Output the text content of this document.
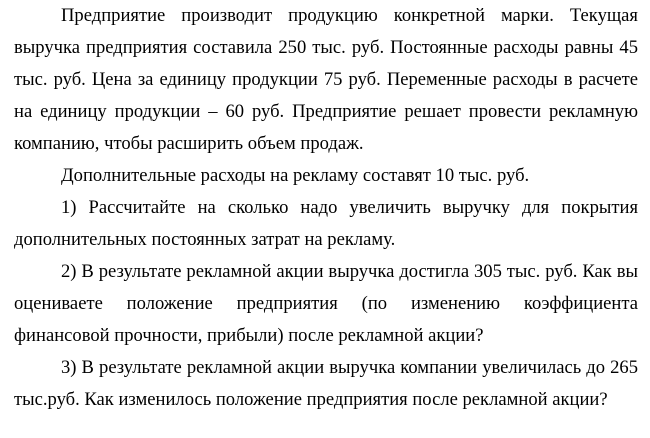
Предприятие производит продукцию конкретной марки. Текущая выручка предприятия составила 250 тыс. руб. Постоянные расходы равны 45 тыс. руб. Цена за единицу продукции 75 руб. Переменные расходы в расчете на единицу продукции – 60 руб. Предприятие решает провести рекламную компанию, чтобы расширить объем продаж.

Дополнительные расходы на рекламу составят 10 тыс. руб.

1) Рассчитайте на сколько надо увеличить выручку для покрытия дополнительных постоянных затрат на рекламу.

2) В результате рекламной акции выручка достигла 305 тыс. руб. Как вы оцениваете положение предприятия (по изменению коэффициента финансовой прочности, прибыли) после рекламной акции?

3) В результате рекламной акции выручка компании увеличилась до 265 тыс.руб. Как изменилось положение предприятия после рекламной акции?
